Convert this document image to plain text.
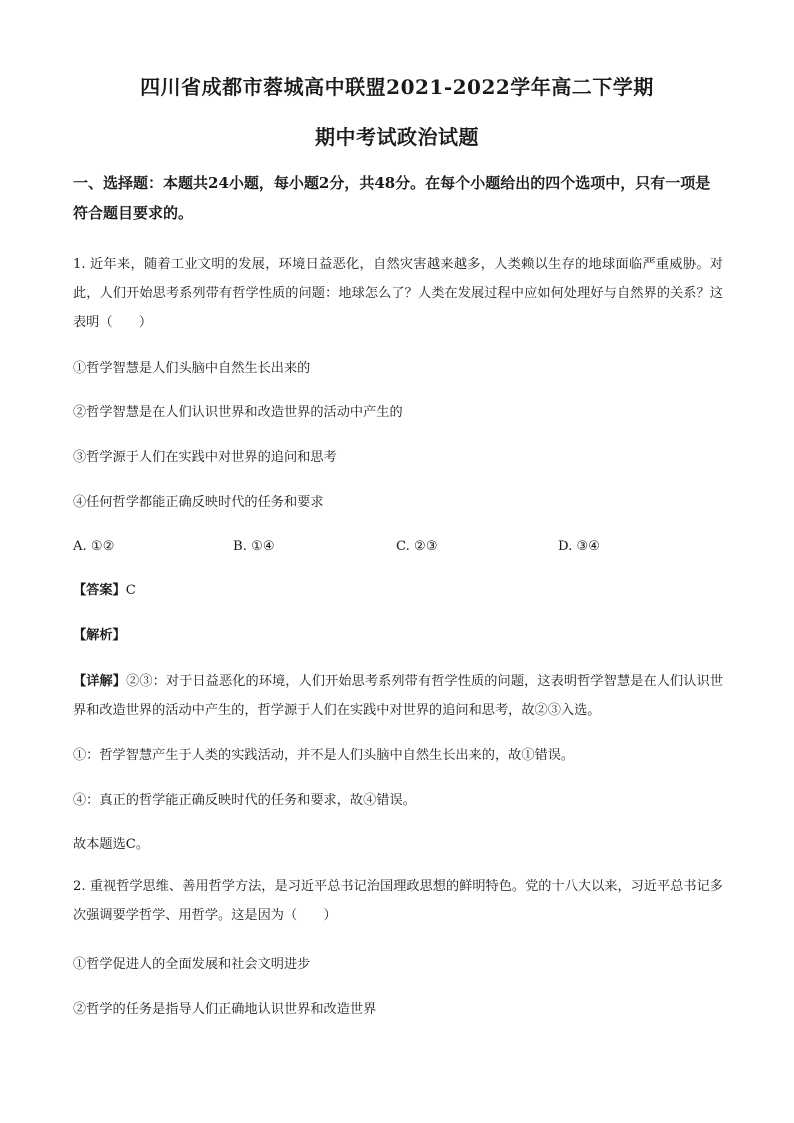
四川省成都市蓉城高中联盟2021-2022学年高二下学期
期中考试政治试题

一、选择题：本题共24小题，每小题2分，共48分。在每个小题给出的四个选项中，只有一项是符合题目要求的。

1. 近年来，随着工业文明的发展，环境日益恶化，自然灾害越来越多，人类赖以生存的地球面临严重威胁。对此，人们开始思考系列带有哲学性质的问题：地球怎么了？人类在发展过程中应如何处理好与自然界的关系？这表明（　　）

①哲学智慧是人们头脑中自然生长出来的

②哲学智慧是在人们认识世界和改造世界的活动中产生的

③哲学源于人们在实践中对世界的追问和思考

④任何哲学都能正确反映时代的任务和要求

A. ①②	B. ①④	C. ②③	D. ③④

【答案】C

【解析】

【详解】②③：对于日益恶化的环境，人们开始思考系列带有哲学性质的问题，这表明哲学智慧是在人们认识世界和改造世界的活动中产生的，哲学源于人们在实践中对世界的追问和思考，故②③入选。

①：哲学智慧产生于人类的实践活动，并不是人们头脑中自然生长出来的，故①错误。

④：真正的哲学能正确反映时代的任务和要求，故④错误。

故本题选C。

2. 重视哲学思维、善用哲学方法，是习近平总书记治国理政思想的鲜明特色。党的十八大以来，习近平总书记多次强调要学哲学、用哲学。这是因为（　　）

①哲学促进人的全面发展和社会文明进步

②哲学的任务是指导人们正确地认识世界和改造世界
